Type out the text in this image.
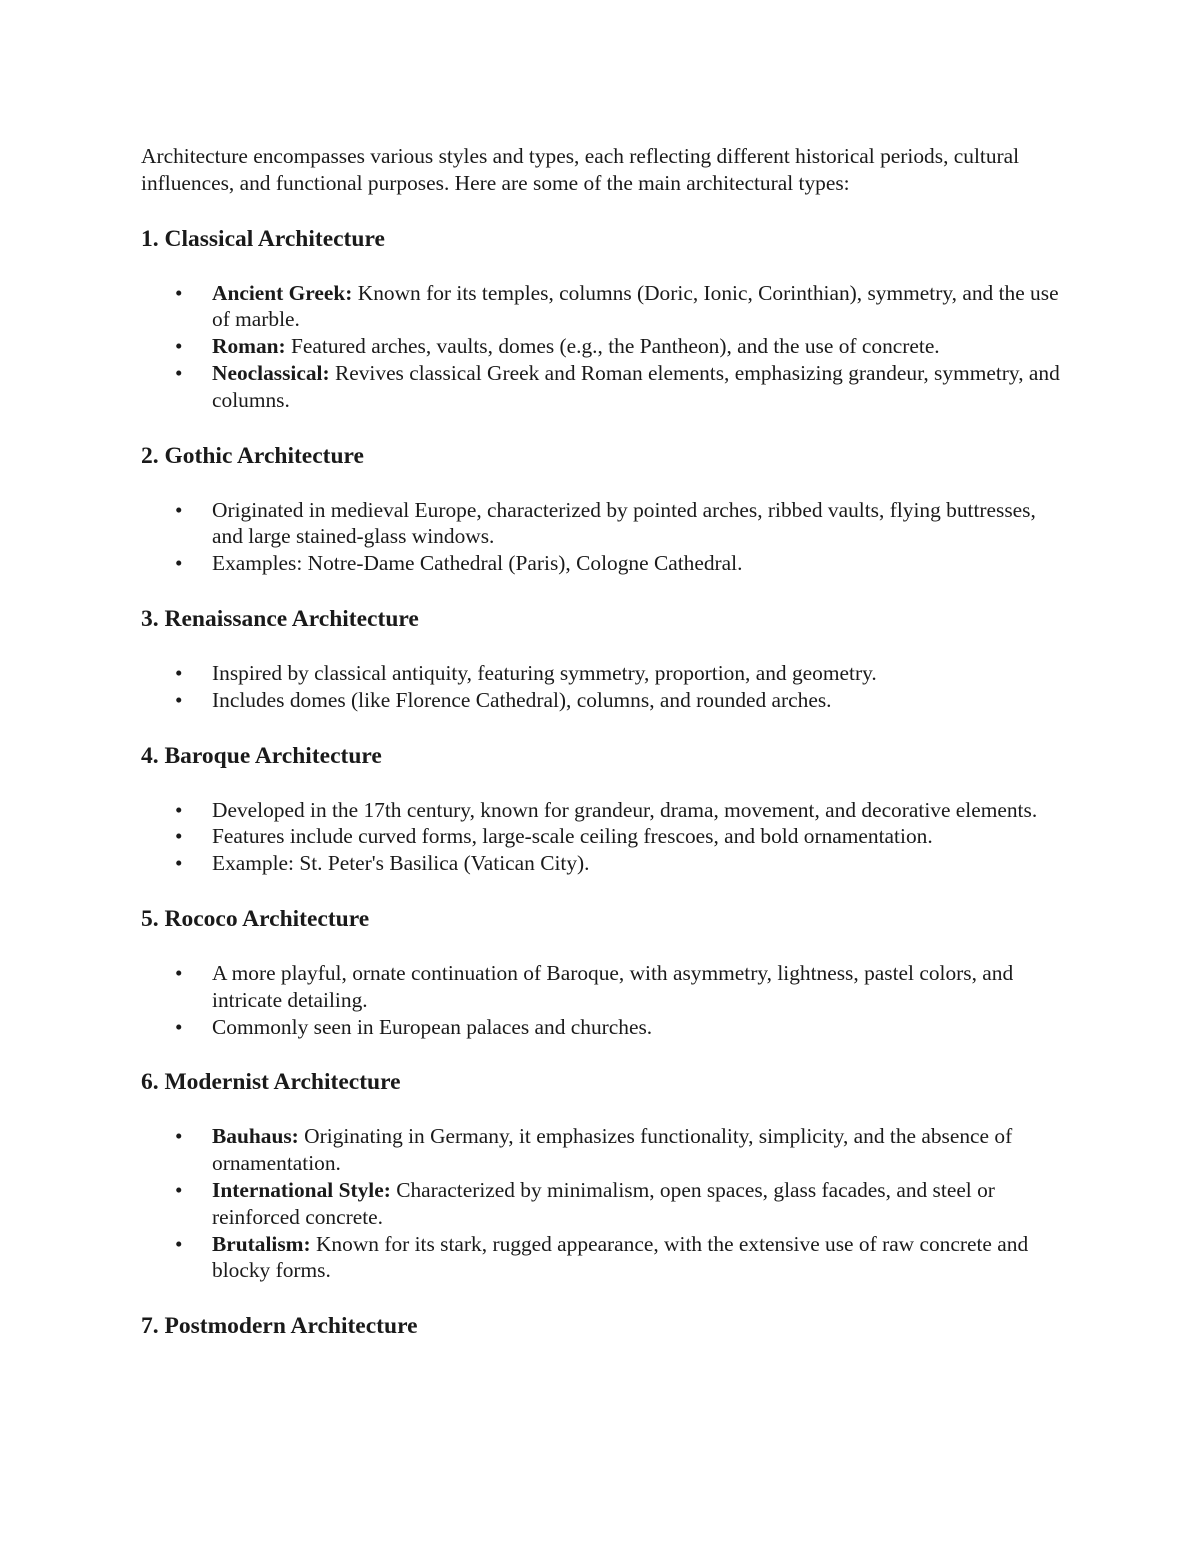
Architecture encompasses various styles and types, each reflecting different historical periods, cultural influences, and functional purposes. Here are some of the main architectural types:

1. Classical Architecture
• Ancient Greek: Known for its temples, columns (Doric, Ionic, Corinthian), symmetry, and the use of marble.
• Roman: Featured arches, vaults, domes (e.g., the Pantheon), and the use of concrete.
• Neoclassical: Revives classical Greek and Roman elements, emphasizing grandeur, symmetry, and columns.
2. Gothic Architecture
• Originated in medieval Europe, characterized by pointed arches, ribbed vaults, flying buttresses, and large stained-glass windows.
• Examples: Notre-Dame Cathedral (Paris), Cologne Cathedral.
3. Renaissance Architecture
• Inspired by classical antiquity, featuring symmetry, proportion, and geometry.
• Includes domes (like Florence Cathedral), columns, and rounded arches.
4. Baroque Architecture
• Developed in the 17th century, known for grandeur, drama, movement, and decorative elements.
• Features include curved forms, large-scale ceiling frescoes, and bold ornamentation.
• Example: St. Peter's Basilica (Vatican City).
5. Rococo Architecture
• A more playful, ornate continuation of Baroque, with asymmetry, lightness, pastel colors, and intricate detailing.
• Commonly seen in European palaces and churches.
6. Modernist Architecture
• Bauhaus: Originating in Germany, it emphasizes functionality, simplicity, and the absence of ornamentation.
• International Style: Characterized by minimalism, open spaces, glass facades, and steel or reinforced concrete.
• Brutalism: Known for its stark, rugged appearance, with the extensive use of raw concrete and blocky forms.
7. Postmodern Architecture
